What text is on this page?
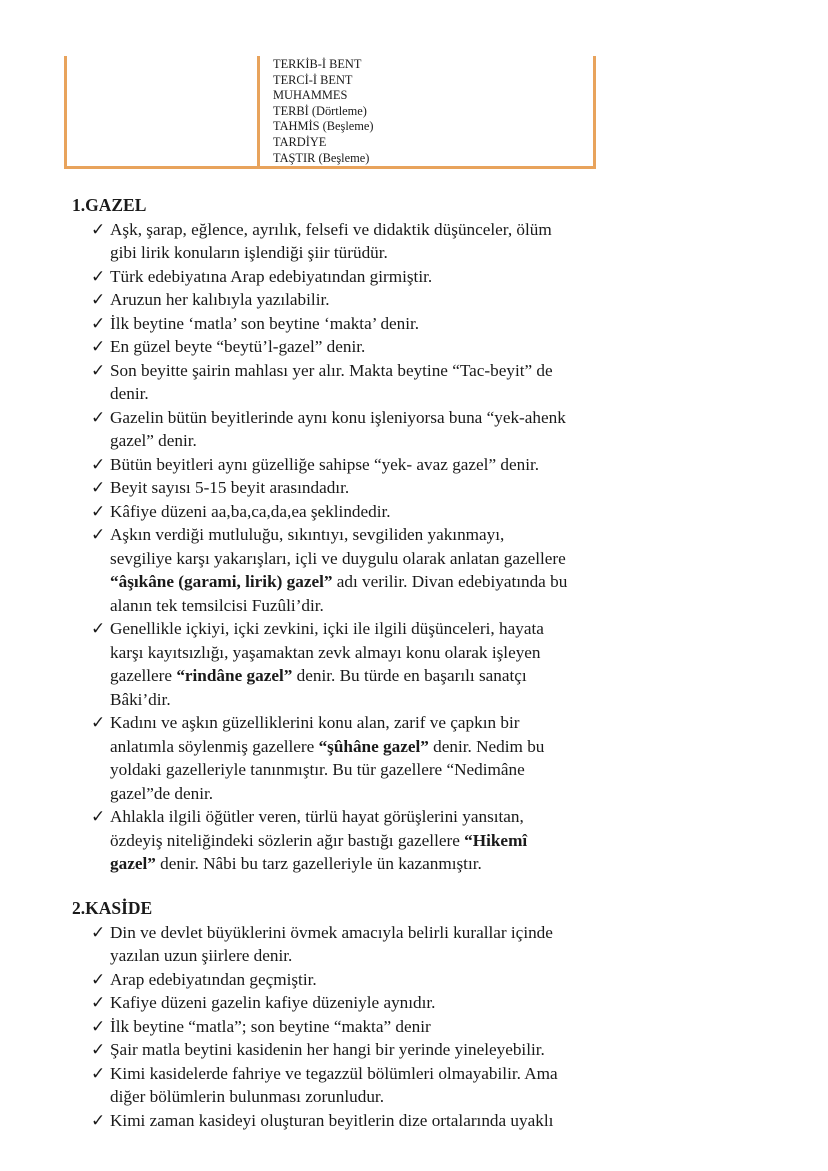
TERKİB-İ BENT
TERCİ-İ BENT
MUHAMMES
TERBİ (Dörtleme)
TAHMİS (Beşleme)
TARDİYE
TAŞTIR (Beşleme)
1.GAZEL
✓ Aşk, şarap, eğlence, ayrılık, felsefi ve didaktik düşünceler, ölüm
gibi lirik konuların işlendiği şiir türüdür.
✓ Türk edebiyatına Arap edebiyatından girmiştir.
✓ Aruzun her kalıbıyla yazılabilir.
✓ İlk beytine ‘matla’ son beytine ‘makta’ denir.
✓ En güzel beyte “beytü’l-gazel” denir.
✓ Son beyitte şairin mahlası yer alır. Makta beytine “Tac-beyit” de
denir.
✓ Gazelin bütün beyitlerinde aynı konu işleniyorsa buna “yek-ahenk
gazel” denir.
✓ Bütün beyitleri aynı güzelliğe sahipse “yek- avaz gazel” denir.
✓ Beyit sayısı 5-15 beyit arasındadır.
✓ Kâfiye düzeni aa,ba,ca,da,ea şeklindedir.
✓ Aşkın verdiği mutluluğu, sıkıntıyı, sevgiliden yakınmayı,
sevgiliye karşı yakarışları, içli ve duygulu olarak anlatan gazellere
“âşıkâne (garami, lirik) gazel” adı verilir. Divan edebiyatında bu
alanın tek temsilcisi Fuzûli’dir.
✓ Genellikle içkiyi, içki zevkini, içki ile ilgili düşünceleri, hayata
karşı kayıtsızlığı, yaşamaktan zevk almayı konu olarak işleyen
gazellere “rindâne gazel” denir. Bu türde en başarılı sanatçı
Bâki’dir.
✓ Kadını ve aşkın güzelliklerini konu alan, zarif ve çapkın bir
anlatımla söylenmiş gazellere “şûhâne gazel” denir. Nedim bu
yoldaki gazelleriyle tanınmıştır. Bu tür gazellere “Nedimâne
gazel”de denir.
✓ Ahlakla ilgili öğütler veren, türlü hayat görüşlerini yansıtan,
özdeyiş niteliğindeki sözlerin ağır bastığı gazellere “Hikemî
gazel” denir. Nâbi bu tarz gazelleriyle ün kazanmıştır.
2.KASİDE
✓ Din ve devlet büyüklerini övmek amacıyla belirli kurallar içinde
yazılan uzun şiirlere denir.
✓ Arap edebiyatından geçmiştir.
✓ Kafiye düzeni gazelin kafiye düzeniyle aynıdır.
✓ İlk beytine “matla”; son beytine “makta” denir
✓ Şair matla beytini kasidenin her hangi bir yerinde yineleyebilir.
✓ Kimi kasidelerde fahriye ve tegazzül bölümleri olmayabilir. Ama
diğer bölümlerin bulunması zorunludur.
✓ Kimi zaman kasideyi oluşturan beyitlerin dize ortalarında uyaklı
